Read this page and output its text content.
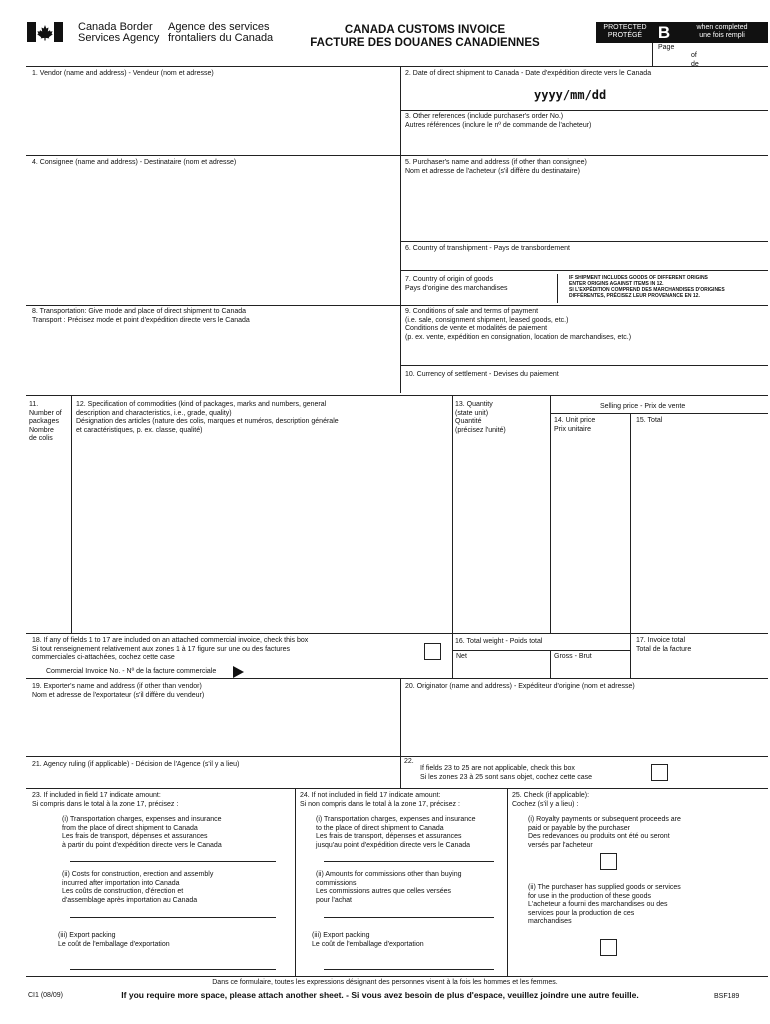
Canada Border
Services Agency
Agence des services
frontaliers du Canada
CANADA CUSTOMS INVOICE
FACTURE DES DOUANES CANADIENNES
PROTECTED
PROTÉGÉ B	when completed
une fois rempli
Page
of
de
1. Vendor (name and address) - Vendeur (nom et adresse)	2. Date of direct shipment to Canada - Date d'expédition directe vers le Canada
yyyy/mm/dd
3. Other references (include purchaser's order No.)
Autres références (inclure le nº de commande de l'acheteur)
4. Consignee (name and address) - Destinataire (nom et adresse)	5. Purchaser's name and address (if other than consignee)
Nom et adresse de l'acheteur (s'il diffère du destinataire)
6. Country of transhipment - Pays de transbordement
7. Country of origin of goods
Pays d'origine des marchandises
IF SHIPMENT INCLUDES GOODS OF DIFFERENT ORIGINS
ENTER ORIGINS AGAINST ITEMS IN 12.
SI L'EXPÉDITION COMPREND DES MARCHANDISES D'ORIGINES
DIFFÉRENTES, PRÉCISEZ LEUR PROVENANCE EN 12.
8. Transportation: Give mode and place of direct shipment to Canada
Transport : Précisez mode et point d'expédition directe vers le Canada
9. Conditions of sale and terms of payment
(i.e. sale, consignment shipment, leased goods, etc.)
Conditions de vente et modalités de paiement
(p. ex. vente, expédition en consignation, location de marchandises, etc.)
10. Currency of settlement - Devises du paiement
11.
Number of
packages
Nombre
de colis
12. Specification of commodities (kind of packages, marks and numbers, general
description and characteristics, i.e., grade, quality)
Désignation des articles (nature des colis, marques et numéros, description générale
et caractéristiques, p. ex. classe, qualité)
13. Quantity
(state unit)
Quantité
(précisez l'unité)
Selling price - Prix de vente
14. Unit price
Prix unitaire
15. Total
18. If any of fields 1 to 17 are included on an attached commercial invoice, check this box
Si tout renseignement relativement aux zones 1 à 17 figure sur une ou des factures
commerciales ci-attachées, cochez cette case
Commercial Invoice No. - Nº de la facture commerciale
16. Total weight - Poids total
Net	Gross - Brut
17. Invoice total
Total de la facture
19. Exporter's name and address (if other than vendor)
Nom et adresse de l'exportateur (s'il diffère du vendeur)
20. Originator (name and address) - Expéditeur d'origine (nom et adresse)
21. Agency ruling (if applicable) - Décision de l'Agence (s'il y a lieu)	22.
If fields 23 to 25 are not applicable, check this box
Si les zones 23 à 25 sont sans objet, cochez cette case
23. If included in field 17 indicate amount:
Si compris dans le total à la zone 17, précisez :
(i) Transportation charges, expenses and insurance
from the place of direct shipment to Canada
Les frais de transport, dépenses et assurances
à partir du point d'expédition directe vers le Canada
(ii) Costs for construction, erection and assembly
incurred after importation into Canada
Les coûts de construction, d'érection et
d'assemblage après importation au Canada
(iii) Export packing
Le coût de l'emballage d'exportation
24. If not included in field 17 indicate amount:
Si non compris dans le total à la zone 17, précisez :
(i) Transportation charges, expenses and insurance
to the place of direct shipment to Canada
Les frais de transport, dépenses et assurances
jusqu'au point d'expédition directe vers le Canada
(ii) Amounts for commissions other than buying
commissions
Les commissions autres que celles versées
pour l'achat
(iii) Export packing
Le coût de l'emballage d'exportation
25. Check (if applicable):
Cochez (s'il y a lieu) :
(i) Royalty payments or subsequent proceeds are
paid or payable by the purchaser
Des redevances ou produits ont été ou seront
versés par l'acheteur
(ii) The purchaser has supplied goods or services
for use in the production of these goods
L'acheteur a fourni des marchandises ou des
services pour la production de ces
marchandises
Dans ce formulaire, toutes les expressions désignant des personnes visent à la fois les hommes et les femmes.
CI1 (08/09)	If you require more space, please attach another sheet. - Si vous avez besoin de plus d'espace, veuillez joindre une autre feuille.	BSF189
